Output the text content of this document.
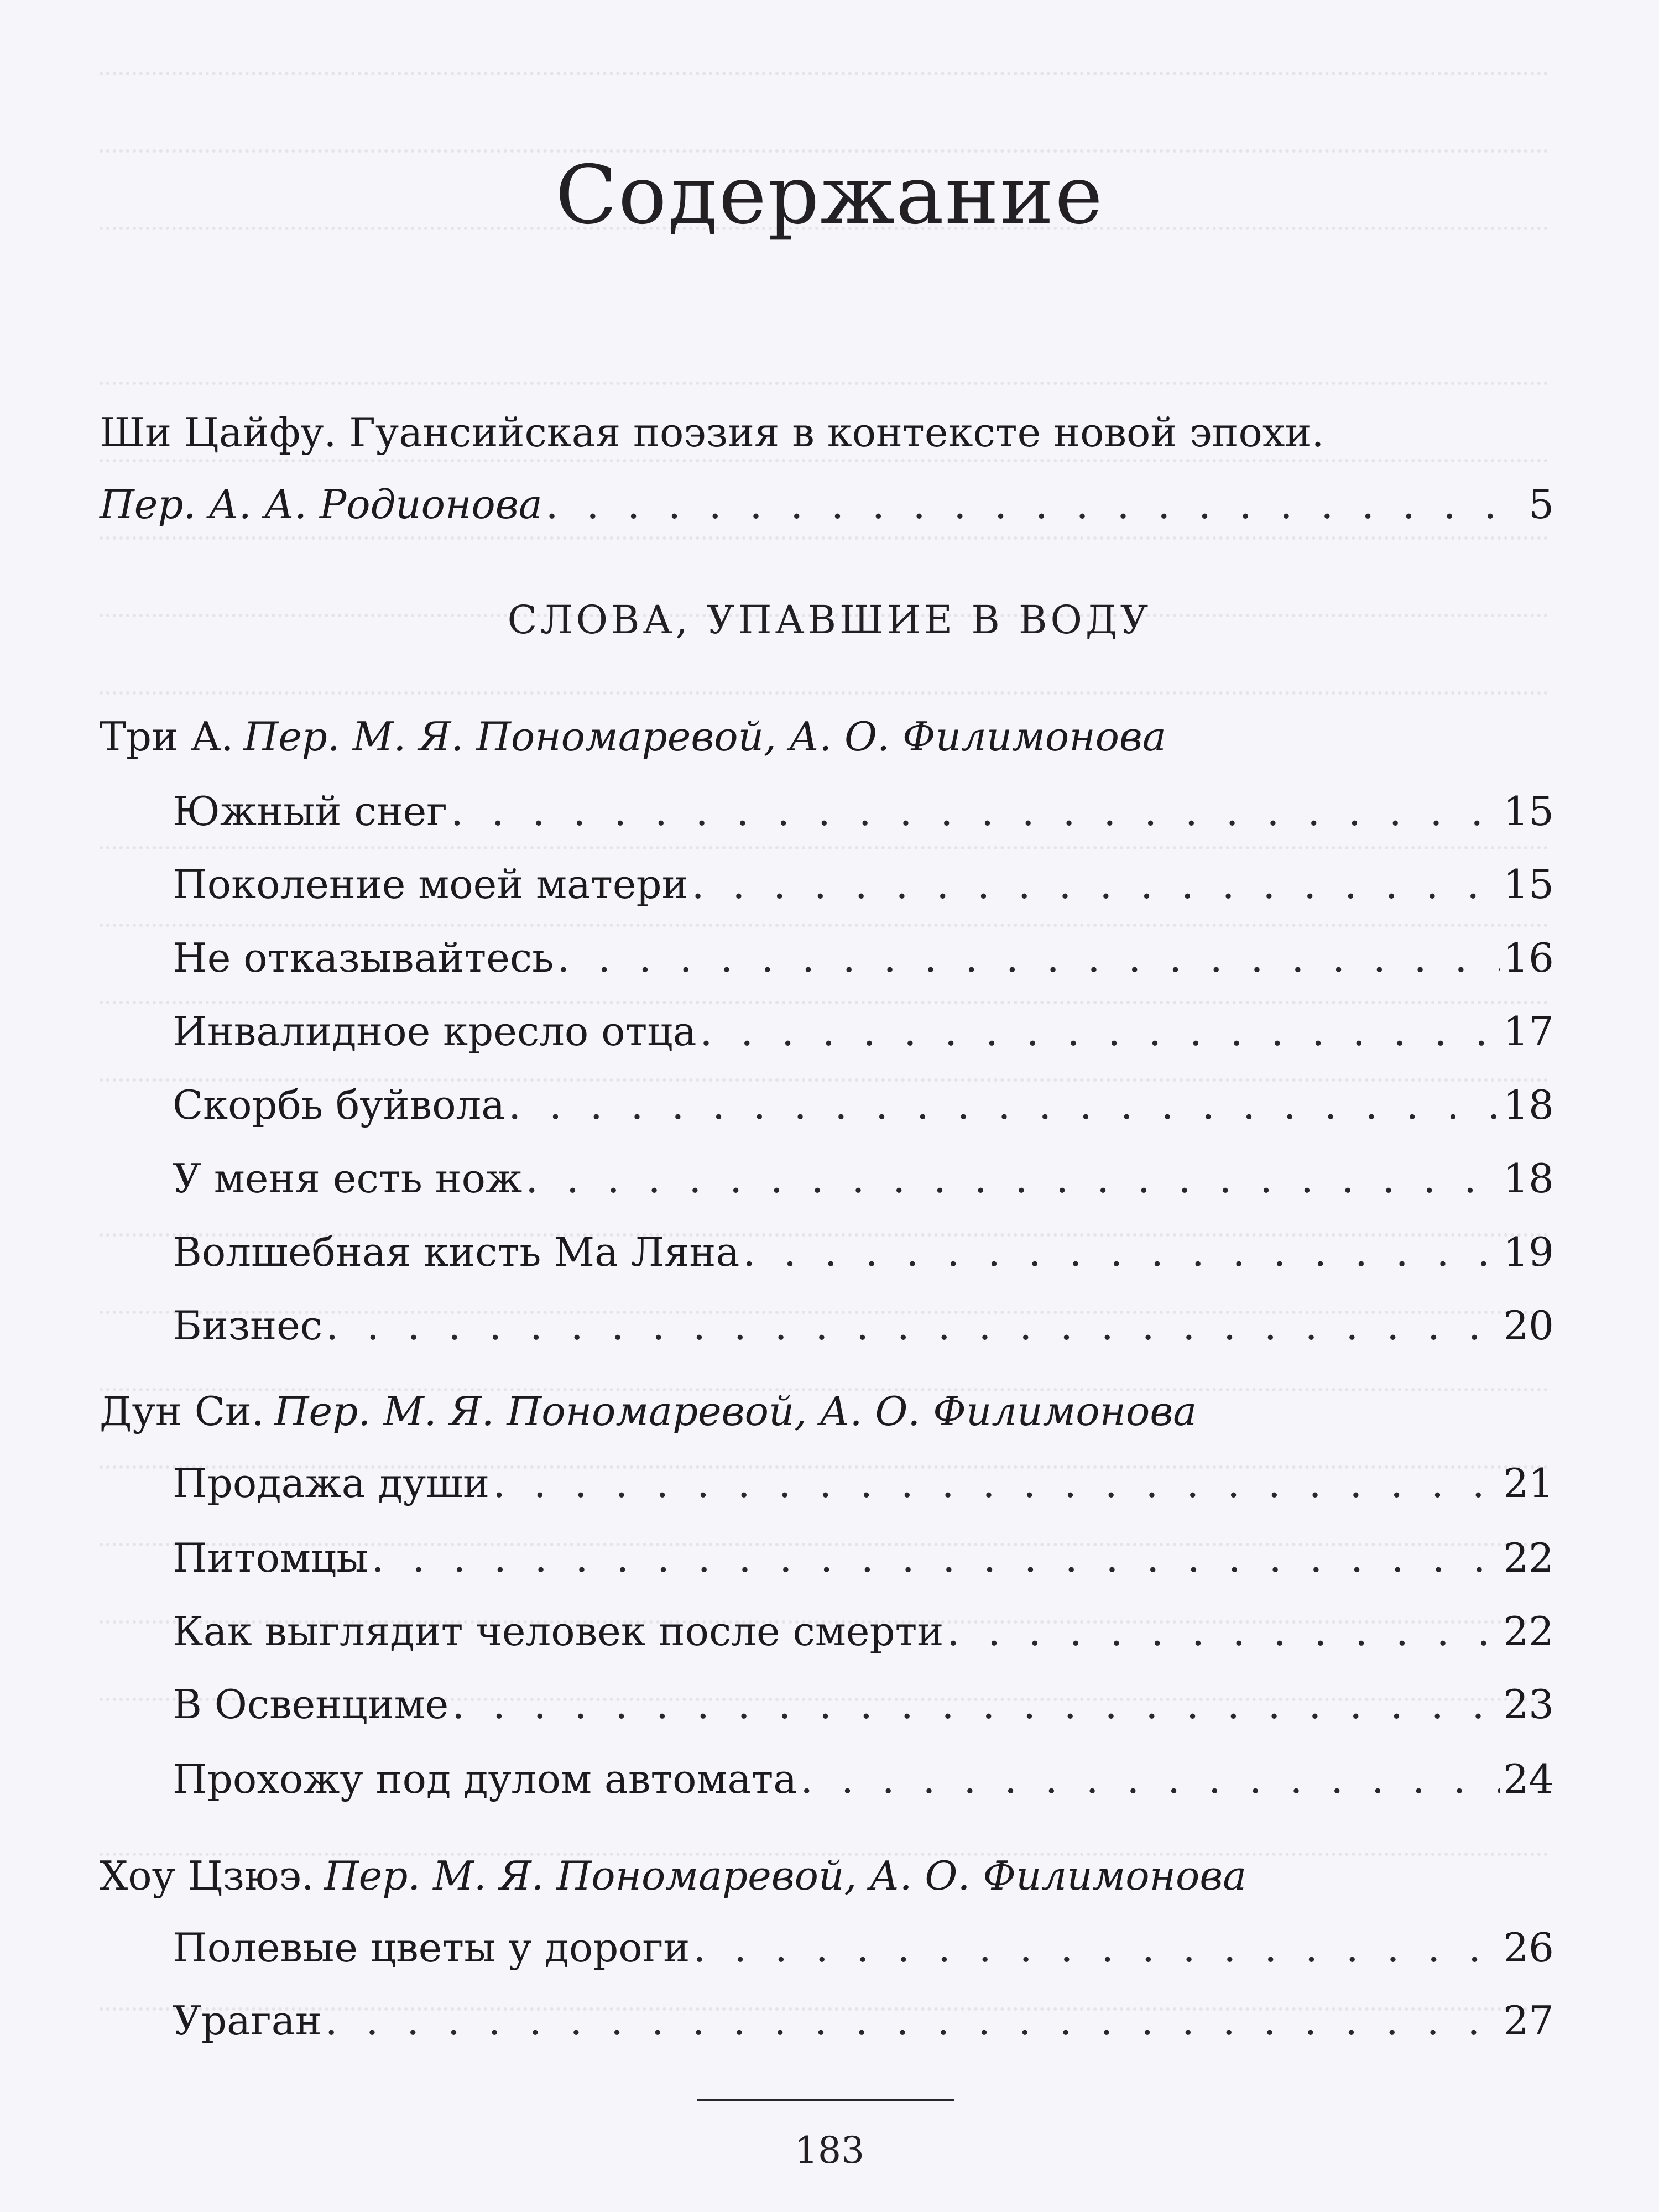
Содержание
Ши Цайфу. Гуансийская поэзия в контексте новой эпохи.
Пер. А. А. Родионова . . .	5
СЛОВА, УПАВШИЕ В ВОДУ
Три А. Пер. М. Я. Пономаревой, А. О. Филимонова
Южный снег . . .	15
Поколение моей матери . . .	15
Не отказывайтесь . . .	16
Инвалидное кресло отца . . .	17
Скорбь буйвола . . .	18
У меня есть нож . . .	18
Волшебная кисть Ма Ляна . . .	19
Бизнес . . .	20
Дун Си. Пер. М. Я. Пономаревой, А. О. Филимонова
Продажа души . . .	21
Питомцы . . .	22
Как выглядит человек после смерти . . .	22
В Освенциме . . .	23
Прохожу под дулом автомата . . .	24
Хоу Цзюэ. Пер. М. Я. Пономаревой, А. О. Филимонова
Полевые цветы у дороги . . .	26
Ураган . . .	27
183
